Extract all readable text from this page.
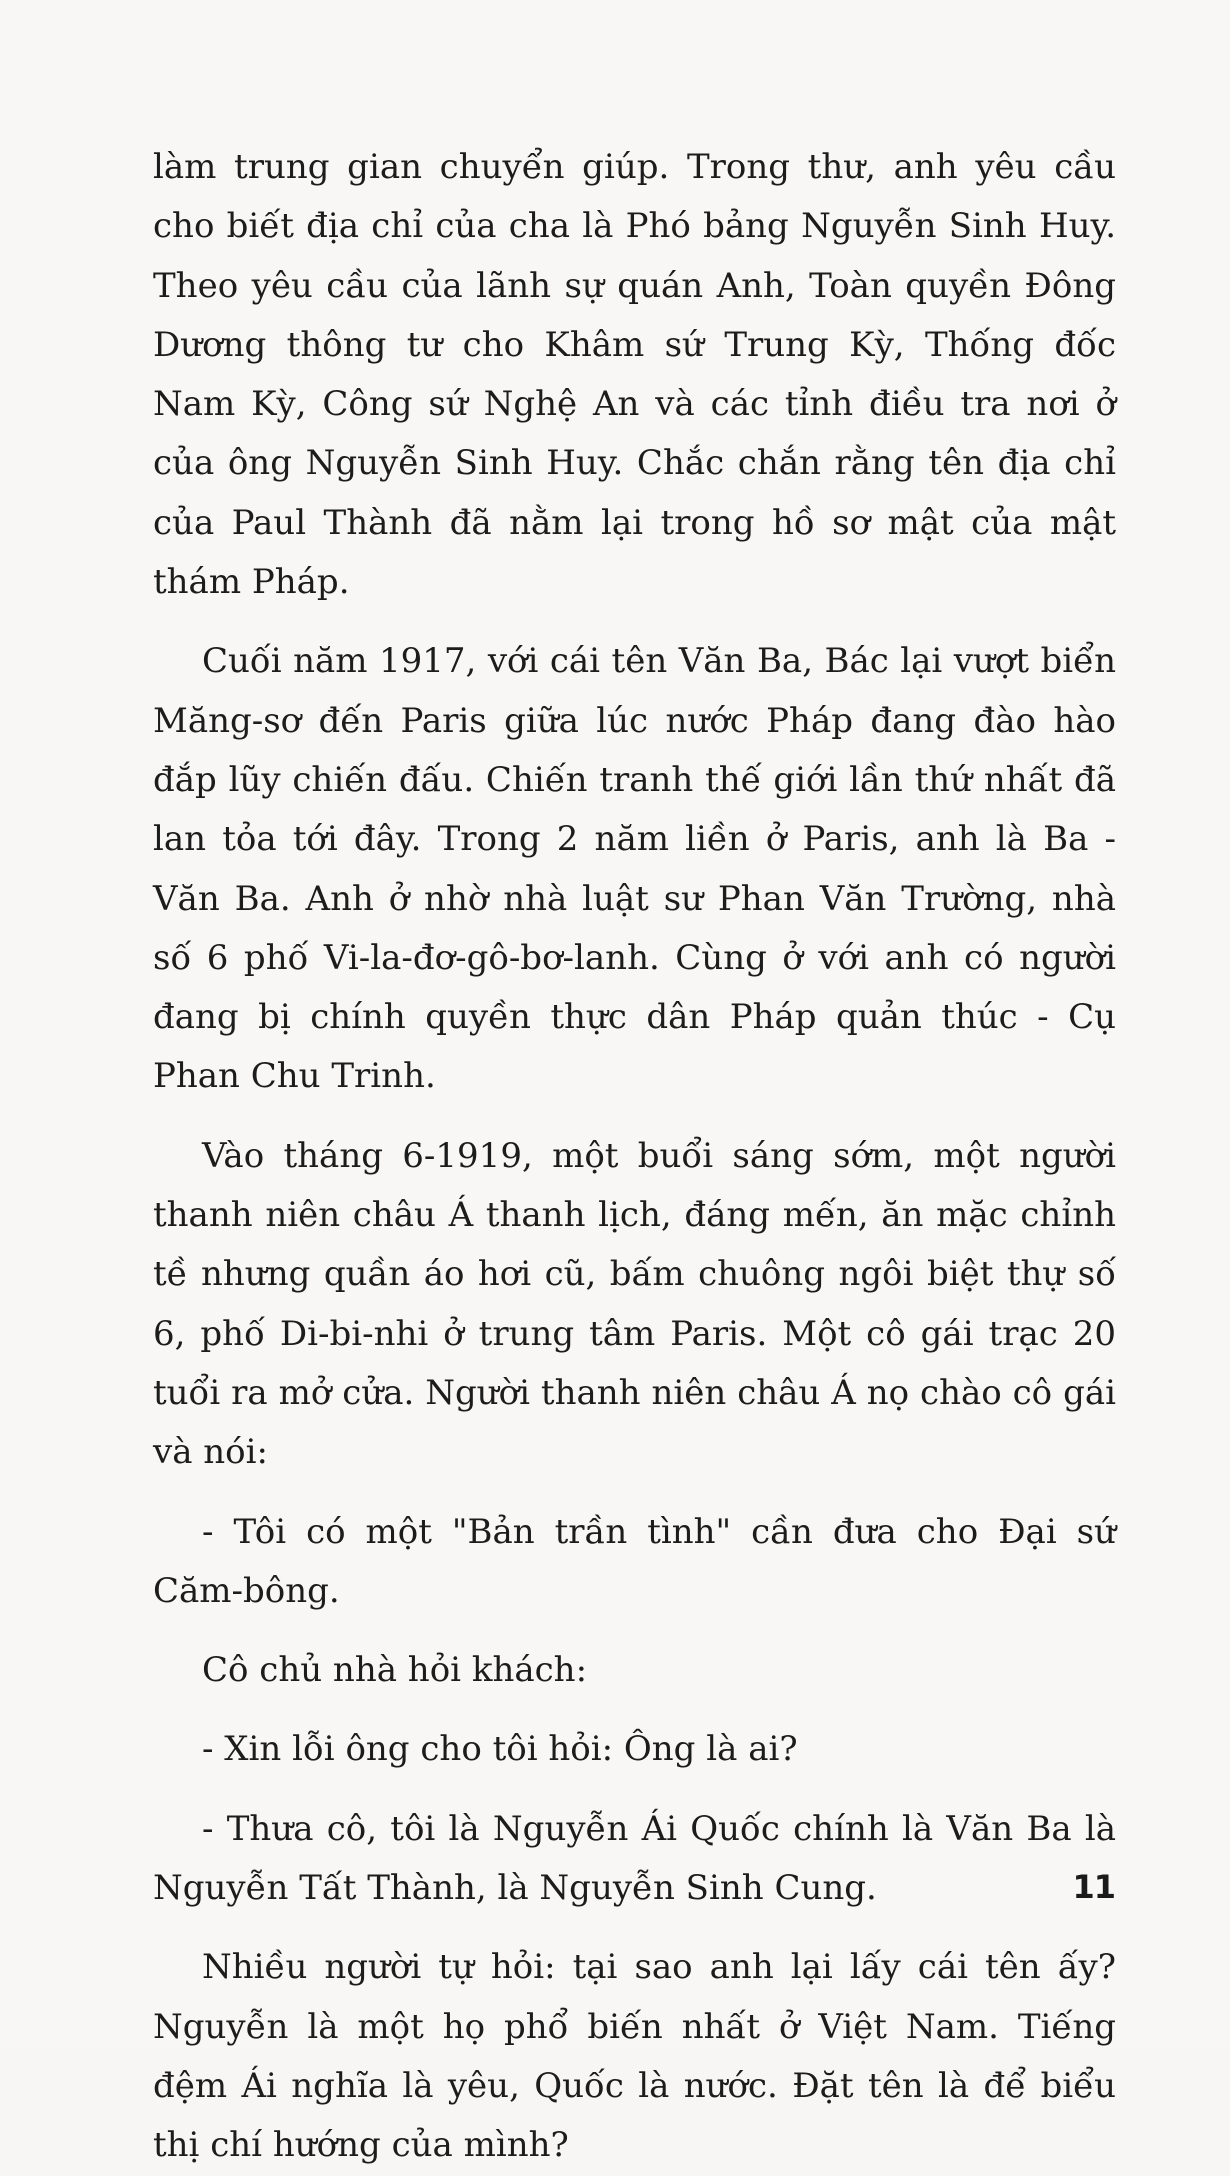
làm trung gian chuyển giúp. Trong thư, anh yêu cầu cho biết địa chỉ của cha là Phó bảng Nguyễn Sinh Huy. Theo yêu cầu của lãnh sự quán Anh, Toàn quyền Đông Dương thông tư cho Khâm sứ Trung Kỳ, Thống đốc Nam Kỳ, Công sứ Nghệ An và các tỉnh điều tra nơi ở của ông Nguyễn Sinh Huy. Chắc chắn rằng tên địa chỉ của Paul Thành đã nằm lại trong hồ sơ mật của mật thám Pháp.

Cuối năm 1917, với cái tên Văn Ba, Bác lại vượt biển Măng-sơ đến Paris giữa lúc nước Pháp đang đào hào đắp lũy chiến đấu. Chiến tranh thế giới lần thứ nhất đã lan tỏa tới đây. Trong 2 năm liền ở Paris, anh là Ba - Văn Ba. Anh ở nhờ nhà luật sư Phan Văn Trường, nhà số 6 phố Vi-la-đơ-gô-bơ-lanh. Cùng ở với anh có người đang bị chính quyền thực dân Pháp quản thúc - Cụ Phan Chu Trinh.

Vào tháng 6-1919, một buổi sáng sớm, một người thanh niên châu Á thanh lịch, đáng mến, ăn mặc chỉnh tề nhưng quần áo hơi cũ, bấm chuông ngôi biệt thự số 6, phố Di-bi-nhi ở trung tâm Paris. Một cô gái trạc 20 tuổi ra mở cửa. Người thanh niên châu Á nọ chào cô gái và nói:

- Tôi có một "Bản trần tình" cần đưa cho Đại sứ Căm-bông.

Cô chủ nhà hỏi khách:

- Xin lỗi ông cho tôi hỏi: Ông là ai?

- Thưa cô, tôi là Nguyễn Ái Quốc chính là Văn Ba là Nguyễn Tất Thành, là Nguyễn Sinh Cung.

Nhiều người tự hỏi: tại sao anh lại lấy cái tên ấy? Nguyễn là một họ phổ biến nhất ở Việt Nam. Tiếng đệm Ái nghĩa là yêu, Quốc là nước. Đặt tên là để biểu thị chí hướng của mình?

11
